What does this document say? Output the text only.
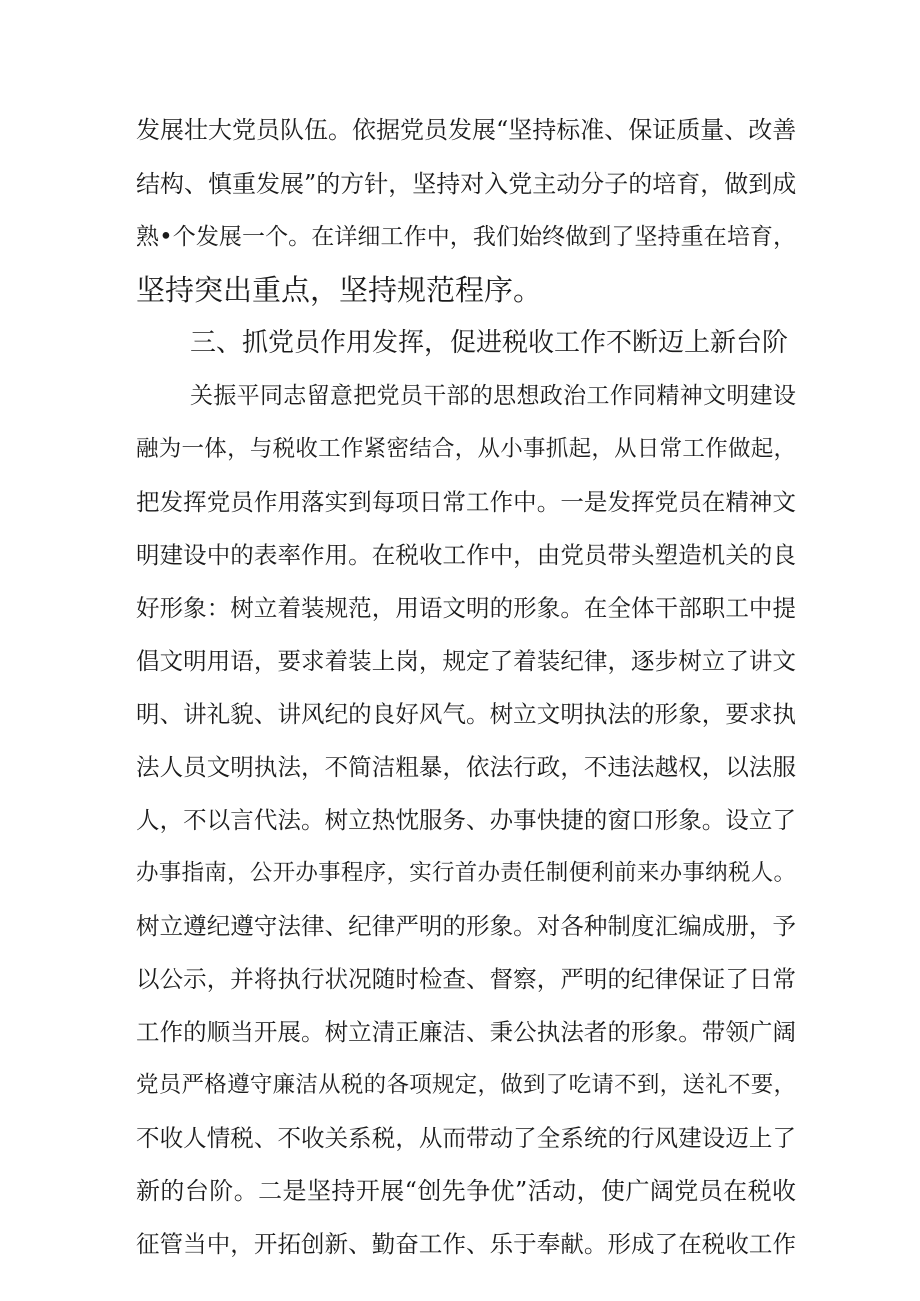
发展壮大党员队伍。依据党员发展“坚持标准、保证质量、改善
结构、慎重发展”的方针，坚持对入党主动分子的培育，做到成
熟•个发展一个。在详细工作中，我们始终做到了坚持重在培育，
坚持突出重点，坚持规范程序。
三、抓党员作用发挥，促进税收工作不断迈上新台阶
关振平同志留意把党员干部的思想政治工作同精神文明建设
融为一体，与税收工作紧密结合，从小事抓起，从日常工作做起，
把发挥党员作用落实到每项日常工作中。一是发挥党员在精神文
明建设中的表率作用。在税收工作中，由党员带头塑造机关的良
好形象：树立着装规范，用语文明的形象。在全体干部职工中提
倡文明用语，要求着装上岗，规定了着装纪律，逐步树立了讲文
明、讲礼貌、讲风纪的良好风气。树立文明执法的形象，要求执
法人员文明执法，不简洁粗暴，依法行政，不违法越权，以法服
人，不以言代法。树立热忱服务、办事快捷的窗口形象。设立了
办事指南，公开办事程序，实行首办责任制便利前来办事纳税人。
树立遵纪遵守法律、纪律严明的形象。对各种制度汇编成册，予
以公示，并将执行状况随时检查、督察，严明的纪律保证了日常
工作的顺当开展。树立清正廉洁、秉公执法者的形象。带领广阔
党员严格遵守廉洁从税的各项规定，做到了吃请不到，送礼不要，
不收人情税、不收关系税，从而带动了全系统的行风建设迈上了
新的台阶。二是坚持开展“创先争优”活动，使广阔党员在税收
征管当中，开拓创新、勤奋工作、乐于奉献。形成了在税收工作
